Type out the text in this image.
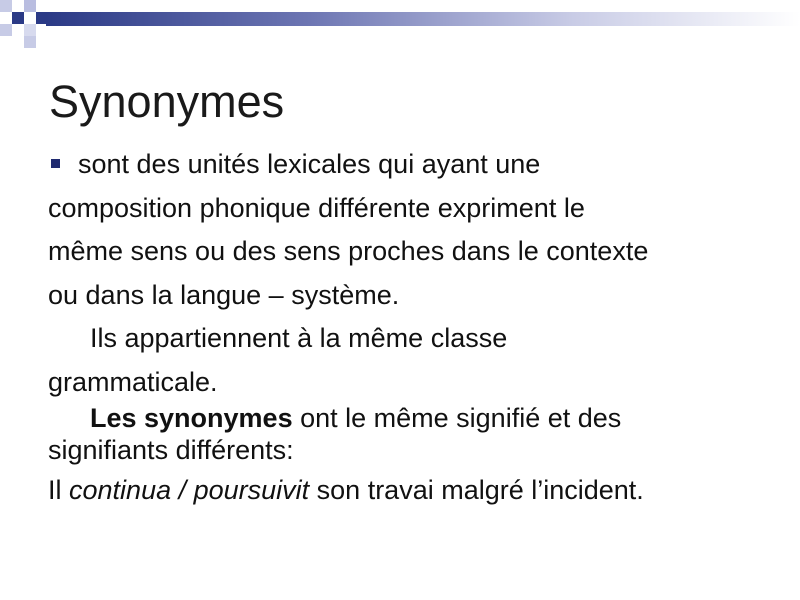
Synonymes
sont des unités lexicales qui ayant une
composition phonique différente expriment le
même sens ou des sens proches dans le contexte
ou dans la langue – système.
Ils appartiennent à la même classe
grammaticale.
Les synonymes ont le même signifié et des
signifiants différents:
Il continua / poursuivit son travai malgré l’incident.
